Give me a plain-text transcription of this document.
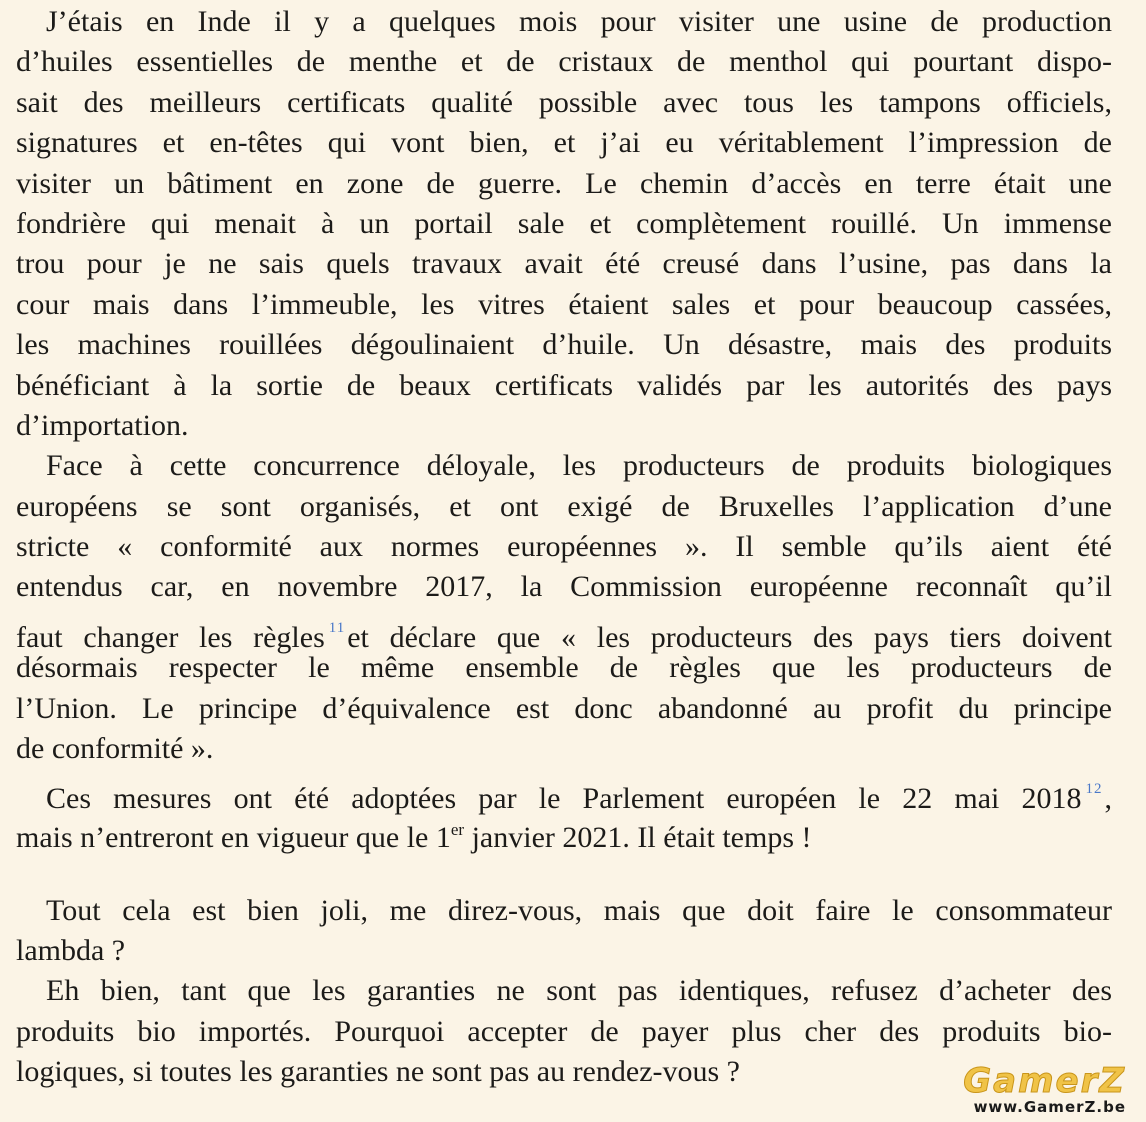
J’étais en Inde il y a quelques mois pour visiter une usine de production
d’huiles essentielles de menthe et de cristaux de menthol qui pourtant dispo-
sait des meilleurs certificats qualité possible avec tous les tampons officiels,
signatures et en-têtes qui vont bien, et j’ai eu véritablement l’impression de
visiter un bâtiment en zone de guerre. Le chemin d’accès en terre était une
fondrière qui menait à un portail sale et complètement rouillé. Un immense
trou pour je ne sais quels travaux avait été creusé dans l’usine, pas dans la
cour mais dans l’immeuble, les vitres étaient sales et pour beaucoup cassées,
les machines rouillées dégoulinaient d’huile. Un désastre, mais des produits
bénéficiant à la sortie de beaux certificats validés par les autorités des pays
d’importation.
Face à cette concurrence déloyale, les producteurs de produits biologiques
européens se sont organisés, et ont exigé de Bruxelles l’application d’une
stricte « conformité aux normes européennes ». Il semble qu’ils aient été
entendus car, en novembre 2017, la Commission européenne reconnaît qu’il
faut changer les règles $^{11}$et déclare que « les producteurs des pays tiers doivent
désormais respecter le même ensemble de règles que les producteurs de
l’Union. Le principe d’équivalence est donc abandonné au profit du principe
de conformité ».
Ces mesures ont été adoptées par le Parlement européen le 22 mai 2018 $^{12}$,
mais n’entreront en vigueur que le 1er janvier 2021. Il était temps !
Tout cela est bien joli, me direz-vous, mais que doit faire le consommateur
lambda ?
Eh bien, tant que les garanties ne sont pas identiques, refusez d’acheter des
produits bio importés. Pourquoi accepter de payer plus cher des produits bio-
logiques, si toutes les garanties ne sont pas au rendez-vous ?	GamerZ
www.GamerZ.be
